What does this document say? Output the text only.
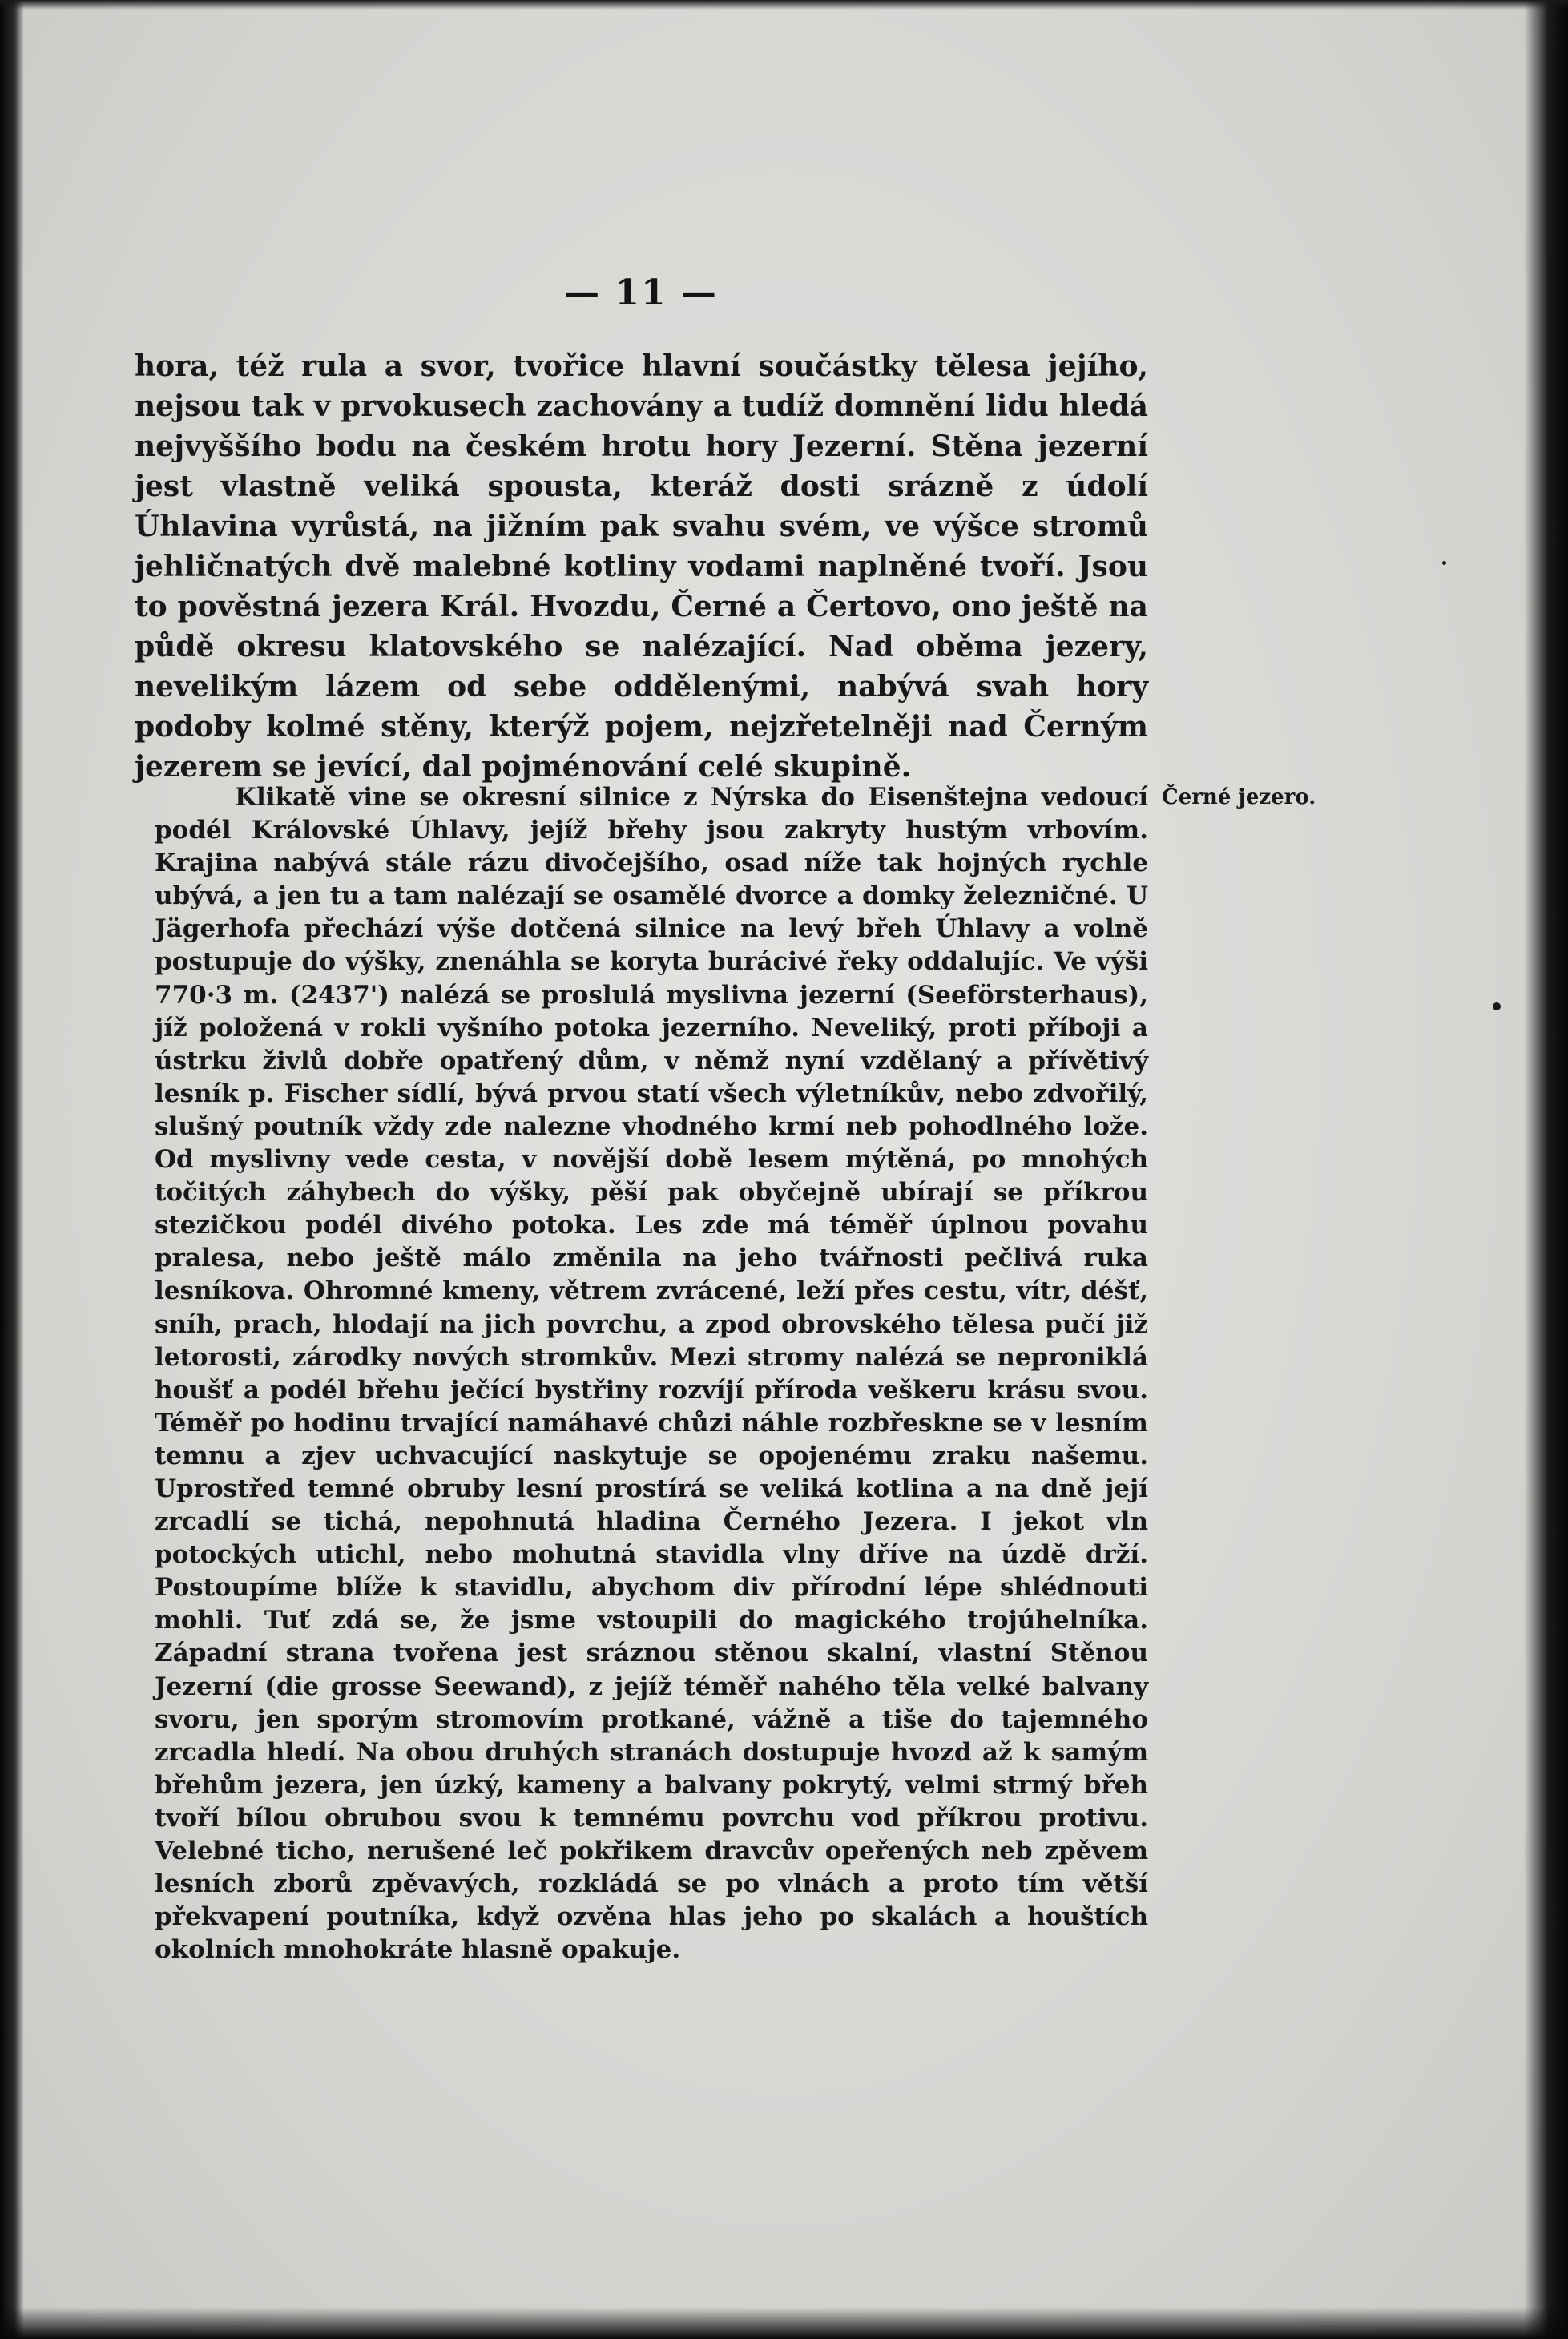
— 11 —
hora, též rula a svor, tvořice hlavní součástky tělesa jejího, nejsou tak v prvokusech zachovány a tudíž domnění lidu hledá nejvyššího bodu na českém hrotu hory Jezerní. Stěna jezerní jest vlastně veliká spousta, kteráž dosti srázně z údolí Úhlavina vyrůstá, na jižním pak svahu svém, ve výšce stromů jehličnatých dvě malebné kotliny vodami naplněné tvoří. Jsou to pověstná jezera Král. Hvozdu, Černé a Čertovo, ono ještě na půdě okresu klatovského se nalézající. Nad oběma jezery, nevelikým lázem od sebe oddělenými, nabývá svah hory podoby kolmé stěny, kterýž pojem, nejzřetelněji nad Černým jezerem se jevící, dal pojménování celé skupině.
Černé jezero.
Klikatě vine se okresní silnice z Nýrska do Eisenštejna vedoucí podél Královské Úhlavy, jejíž břehy jsou zakryty hustým vrbovím. Krajina nabývá stále rázu divočejšího, osad níže tak hojných rychle ubývá, a jen tu a tam nalézají se osamělé dvorce a domky železničné. U Jägerhofa přechází výše dotčená silnice na levý břeh Úhlavy a volně postupuje do výšky, znenáhla se koryta burácivé řeky oddalujíc. Ve výši 770·3 m. (2437') nalézá se proslulá myslivna jezerní (Seeförsterhaus), jíž položená v rokli vyšního potoka jezerního. Neveliký, proti příboji a ústrku živlů dobře opatřený dům, v němž nyní vzdělaný a přívětivý lesník p. Fischer sídlí, bývá prvou statí všech výletníkův, nebo zdvořilý, slušný poutník vždy zde nalezne vhodného krmí neb pohodlného lože. Od myslivny vede cesta, v novější době lesem mýtěná, po mnohých točitých záhybech do výšky, pěší pak obyčejně ubírají se příkrou stezičkou podél divého potoka. Les zde má téměř úplnou povahu pralesa, nebo ještě málo změnila na jeho tvářnosti pečlivá ruka lesníkova. Ohromné kmeny, větrem zvrácené, leží přes cestu, vítr, déšť, sníh, prach, hlodají na jich povrchu, a zpod obrovského tělesa pučí již letorosti, zárodky nových stromkův. Mezi stromy nalézá se neproniklá houšť a podél břehu ječící bystřiny rozvíjí příroda veškeru krásu svou. Téměř po hodinu trvající namáhavé chůzi náhle rozbřeskne se v lesním temnu a zjev uchvacující naskytuje se opojenému zraku našemu. Uprostřed temné obruby lesní prostírá se veliká kotlina a na dně její zrcadlí se tichá, nepohnutá hladina Černého Jezera. I jekot vln potockých utichl, nebo mohutná stavidla vlny dříve na úzdě drží. Postoupíme blíže k stavidlu, abychom div přírodní lépe shlédnouti mohli. Tuť zdá se, že jsme vstoupili do magického trojúhelníka. Západní strana tvořena jest sráznou stěnou skalní, vlastní Stěnou Jezerní (die grosse Seewand), z jejíž téměř nahého těla velké balvany svoru, jen sporým stromovím protkané, vážně a tiše do tajemného zrcadla hledí. Na obou druhých stranách dostupuje hvozd až k samým břehům jezera, jen úzký, kameny a balvany pokrytý, velmi strmý břeh tvoří bílou obrubou svou k temnému povrchu vod příkrou protivu. Velebné ticho, nerušené leč pokřikem dravcův opeřených neb zpěvem lesních zborů zpěvavých, rozkládá se po vlnách a proto tím větší překvapení poutníka, když ozvěna hlas jeho po skalách a houštích okolních mnohokráte hlasně opakuje.
